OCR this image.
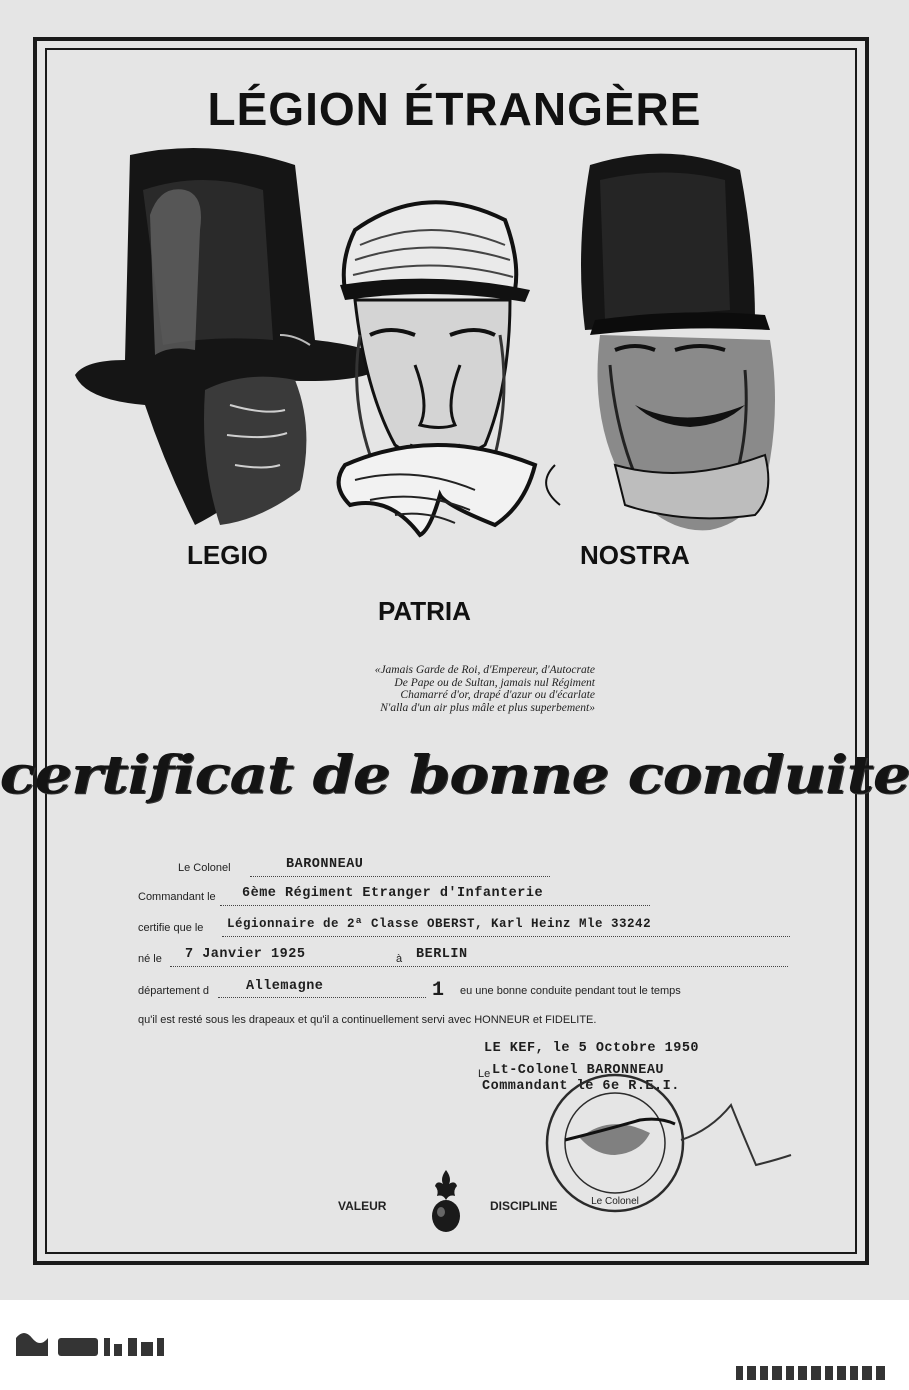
LÉGION ÉTRANGÈRE
LEGIO
PATRIA
NOSTRA
«Jamais Garde de Roi, d'Empereur, d'Autocrate
De Pape ou de Sultan, jamais nul Régiment
Chamarré d'or, drapé d'azur ou d'écarlate
N'alla d'un air plus mâle et plus superbement»
certificat de bonne conduite
Le Colonel	BARONNEAU
Commandant le 6ème Régiment Etranger d'Infanterie
certifie que le Légionnaire de 2ª Classe OBERST, Karl Heinz Mle 33242
né le 7 Janvier 1925	à BERLIN
département d	Allemagne	1 eu une bonne conduite pendant tout le temps
qu'il est resté sous les drapeaux et qu'il a continuellement servi avec HONNEUR et FIDELITE.
LE KEF, le 5 Octobre 1950
Le Lt-Colonel BARONNEAU
Commandant le 6e R.E.I.
Le Colonel
VALEUR	DISCIPLINE
